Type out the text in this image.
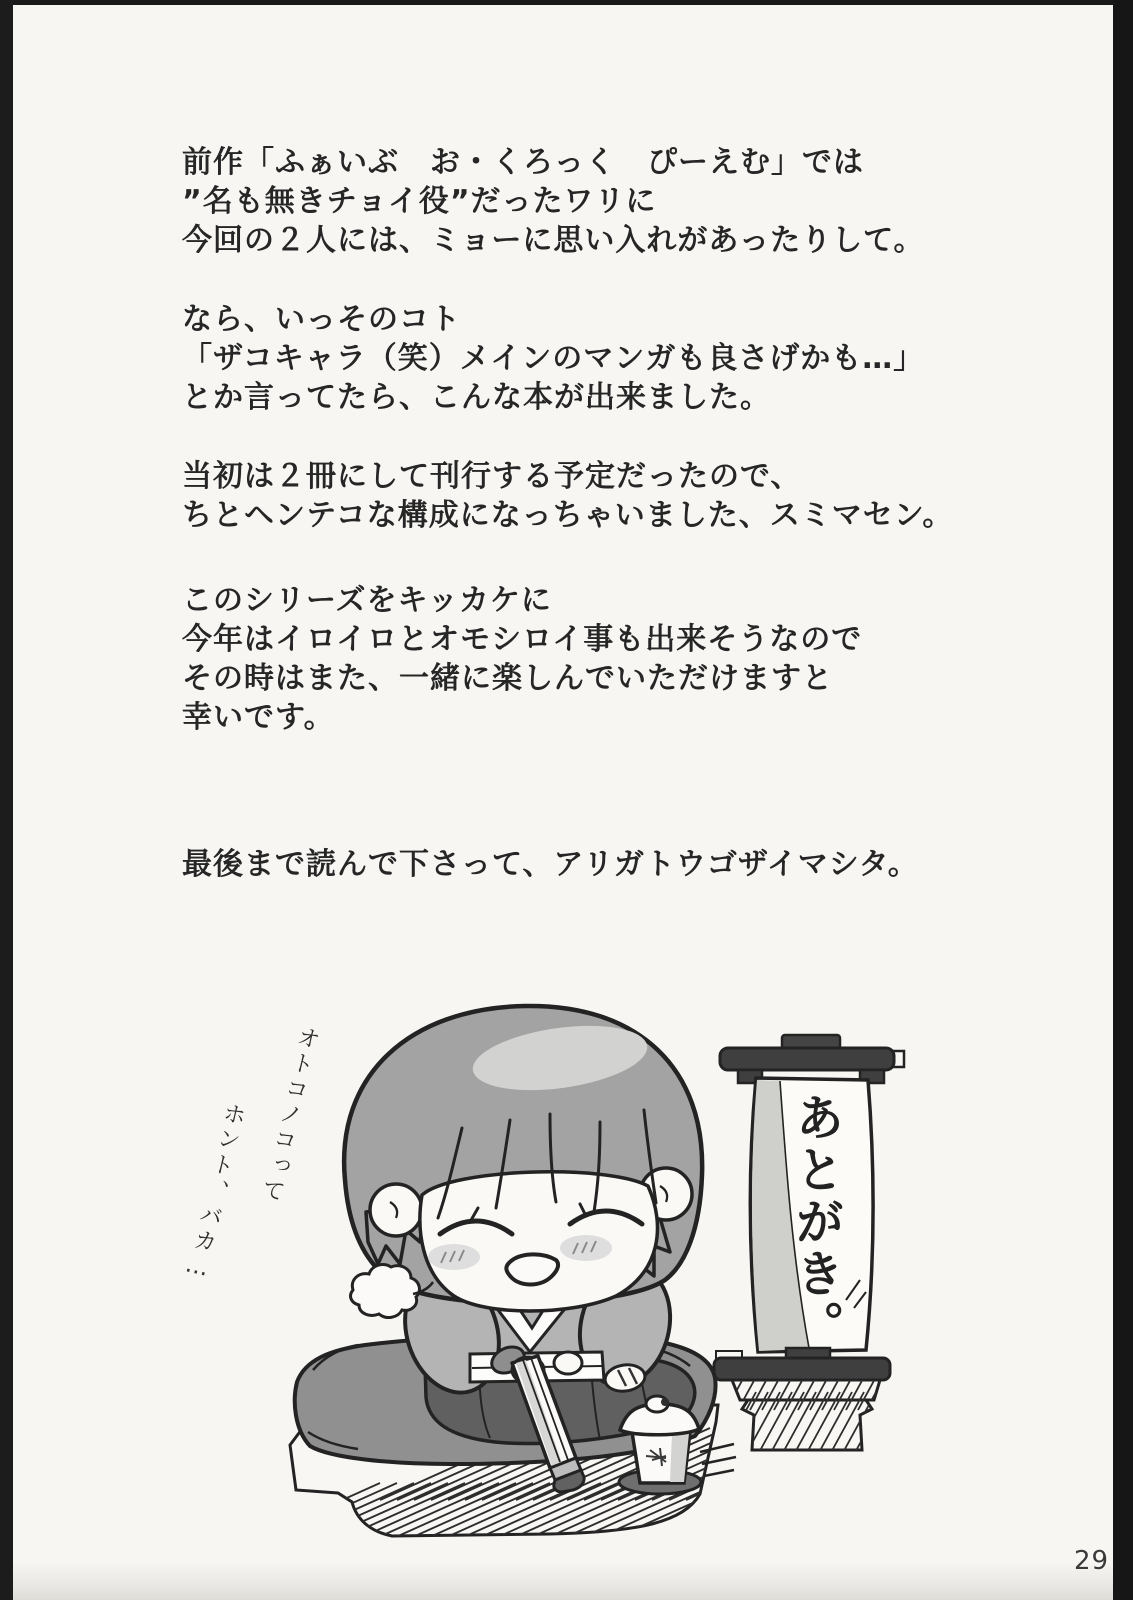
前作「ふぁいぶ　お・くろっく　ぴーえむ」では
”名も無きチョイ役”だったワリに
今回の２人には、ミョーに思い入れがあったりして。

なら、いっそのコト
「ザコキャラ（笑）メインのマンガも良さげかも…」
とか言ってたら、こんな本が出来ました。

当初は２冊にして刊行する予定だったので、
ちとヘンテコな構成になっちゃいました、スミマセン。

このシリーズをキッカケに
今年はイロイロとオモシロイ事も出来そうなので
その時はまた、一緒に楽しんでいただけますと
幸いです。

最後まで読んで下さって、アリガトウゴザイマシタ。

オトコノコって
ホント、バカ…	あとがき。
29
